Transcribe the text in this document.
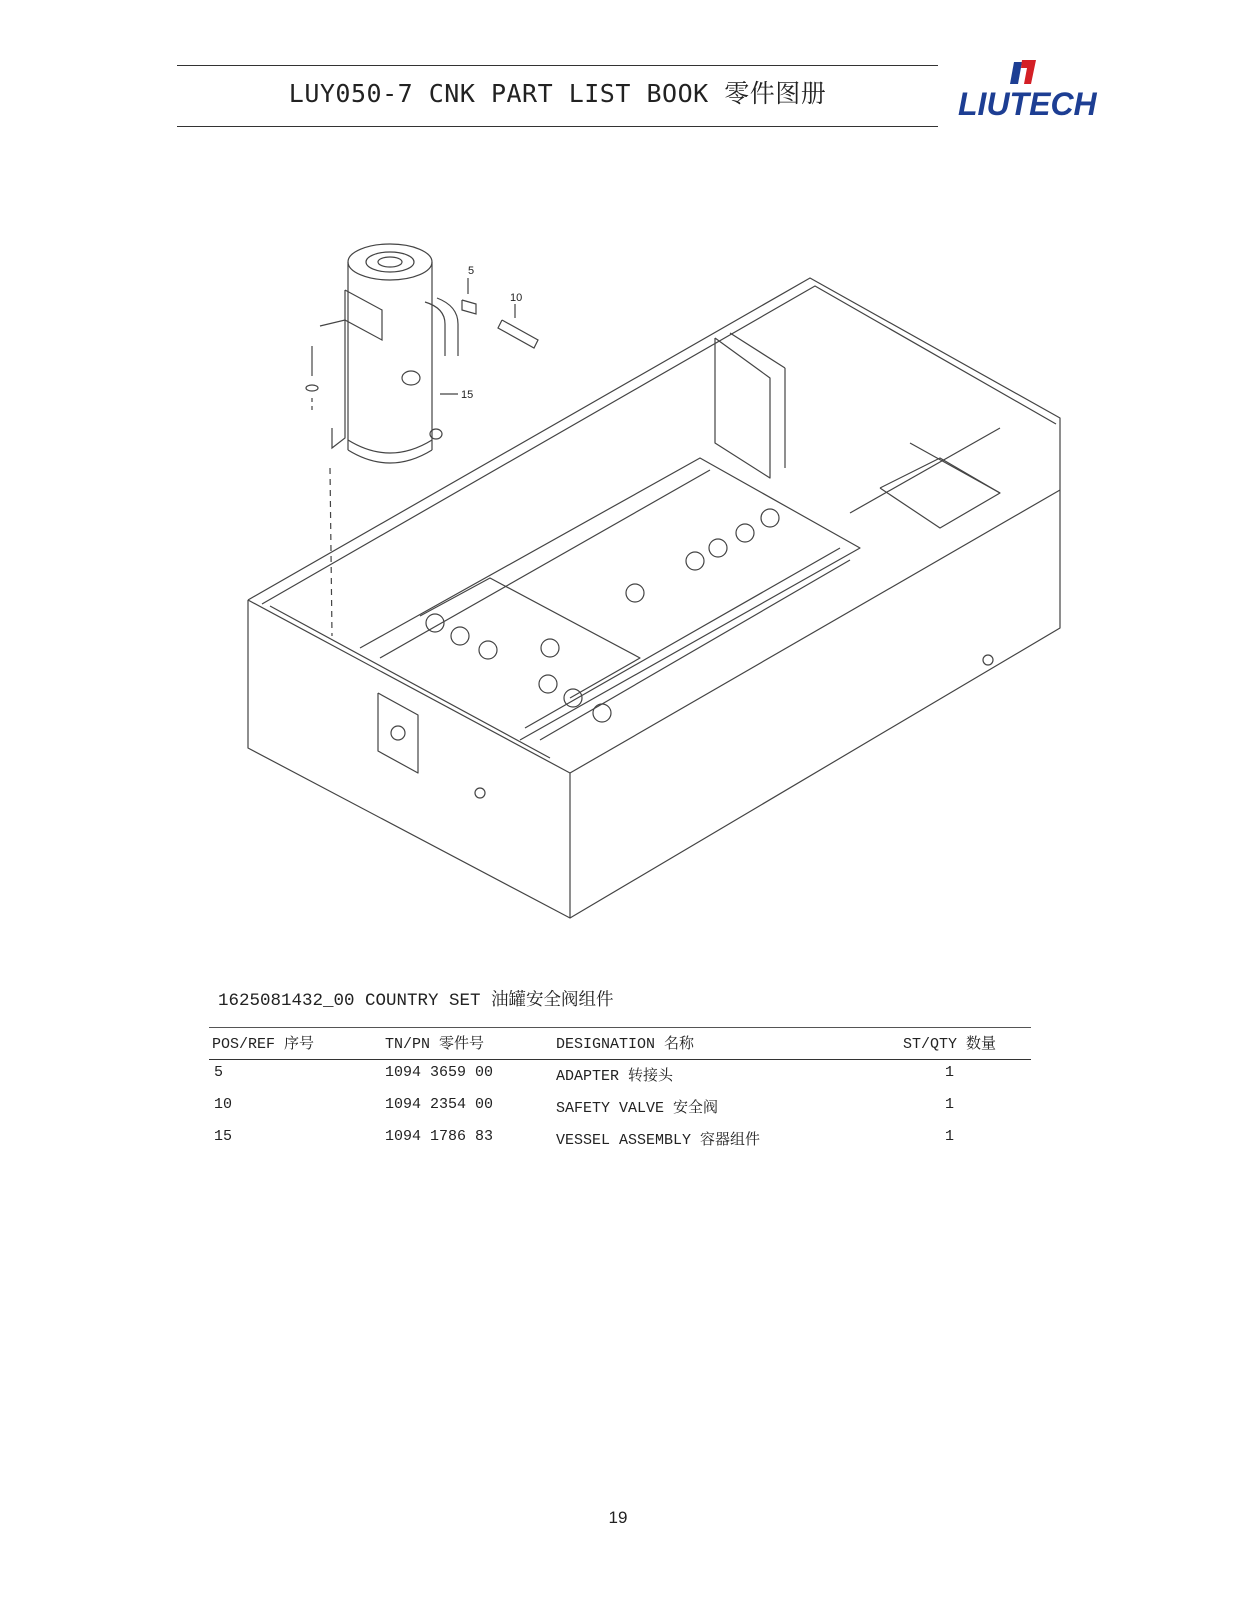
LUY050-7 CNK PART LIST BOOK 零件图册	LIUTECH
5
10
15
1625081432_00 COUNTRY SET 油罐安全阀组件
POS/REF 序号	TN/PN 零件号	DESIGNATION 名称	ST/QTY 数量
5	1094 3659 00	ADAPTER 转接头	1
10	1094 2354 00	SAFETY VALVE 安全阀	1
15	1094 1786 83	VESSEL ASSEMBLY 容器组件	1
19
